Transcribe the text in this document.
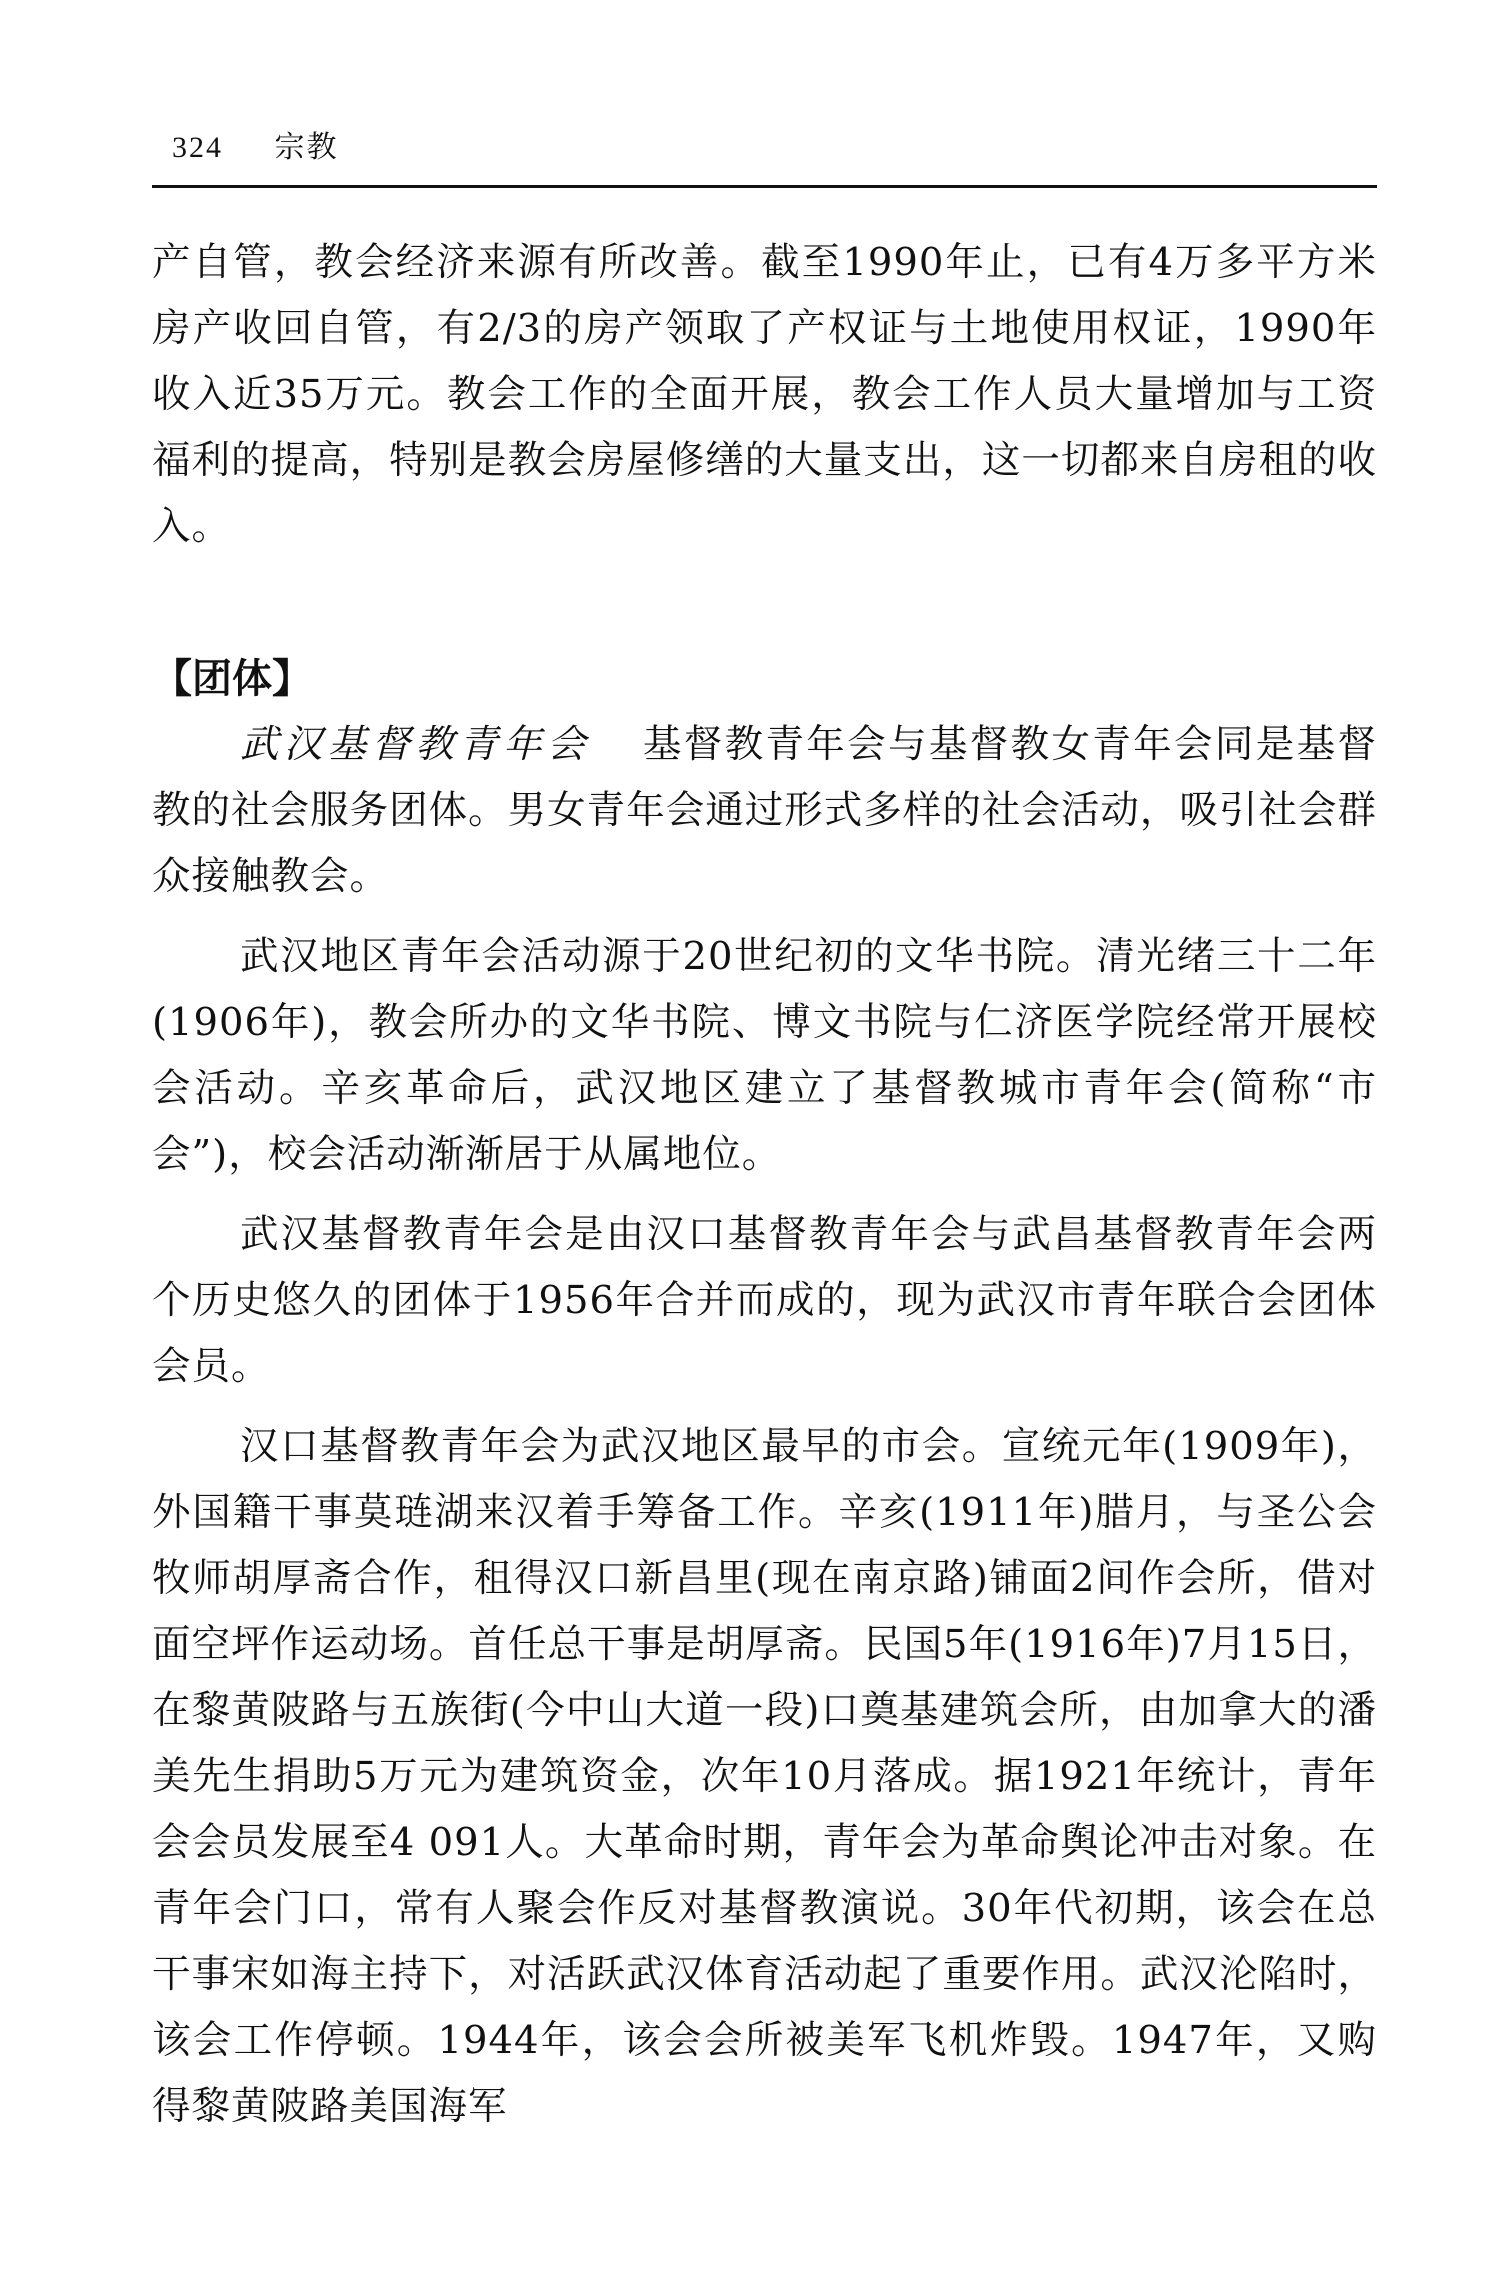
324 宗教

产自管，教会经济来源有所改善。截至1990年止，已有4万多平方米房产收回自管，有2/3的房产领取了产权证与土地使用权证，1990年收入近35万元。教会工作的全面开展，教会工作人员大量增加与工资福利的提高，特别是教会房屋修缮的大量支出，这一切都来自房租的收入。

【团体】

武汉基督教青年会 基督教青年会与基督教女青年会同是基督教的社会服务团体。男女青年会通过形式多样的社会活动，吸引社会群众接触教会。

武汉地区青年会活动源于20世纪初的文华书院。清光绪三十二年(1906年)，教会所办的文华书院、博文书院与仁济医学院经常开展校会活动。辛亥革命后，武汉地区建立了基督教城市青年会(简称“市会”)，校会活动渐渐居于从属地位。

武汉基督教青年会是由汉口基督教青年会与武昌基督教青年会两个历史悠久的团体于1956年合并而成的，现为武汉市青年联合会团体会员。

汉口基督教青年会为武汉地区最早的市会。宣统元年(1909年)，外国籍干事莫琏湖来汉着手筹备工作。辛亥(1911年)腊月，与圣公会牧师胡厚斋合作，租得汉口新昌里(现在南京路)铺面2间作会所，借对面空坪作运动场。首任总干事是胡厚斋。民国5年(1916年)7月15日，在黎黄陂路与五族街(今中山大道一段)口奠基建筑会所，由加拿大的潘美先生捐助5万元为建筑资金，次年10月落成。据1921年统计，青年会会员发展至4 091人。大革命时期，青年会为革命舆论冲击对象。在青年会门口，常有人聚会作反对基督教演说。30年代初期，该会在总干事宋如海主持下，对活跃武汉体育活动起了重要作用。武汉沦陷时，该会工作停顿。1944年，该会会所被美军飞机炸毁。1947年，又购得黎黄陂路美国海军
